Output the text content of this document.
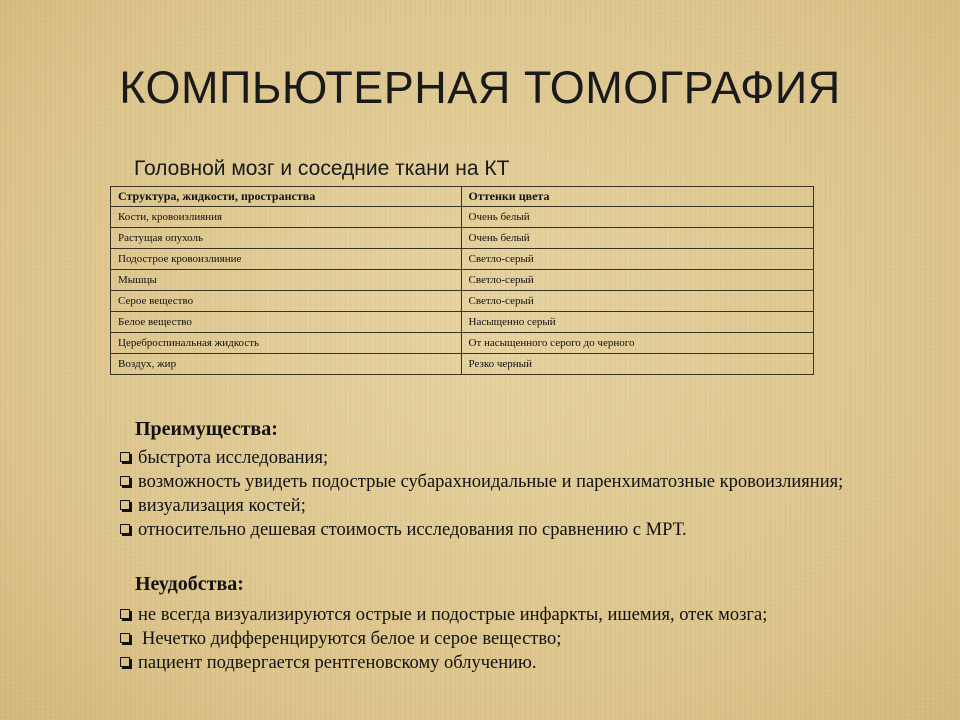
КОМПЬЮТЕРНАЯ ТОМОГРАФИЯ
Головной мозг и соседние ткани на КТ
Структура, жидкости, пространства	Оттенки цвета
Кости, кровоизлияния	Очень белый
Растущая опухоль	Очень белый
Подострое кровоизлияние	Светло-серый
Мышцы	Светло-серый
Серое вещество	Светло-серый
Белое вещество	Насыщенно серый
Цереброспинальная жидкость	От насыщенного серого до черного
Воздух, жир	Резко черный
Преимущества:
быстрота исследования;
возможность увидеть подострые субарахноидальные и паренхиматозные кровоизлияния;
визуализация костей;
относительно дешевая стоимость исследования по сравнению с МРТ.
Неудобства:
не всегда визуализируются острые и подострые инфаркты, ишемия, отек мозга;
Нечетко дифференцируются белое и серое вещество;
пациент подвергается рентгеновскому облучению.
